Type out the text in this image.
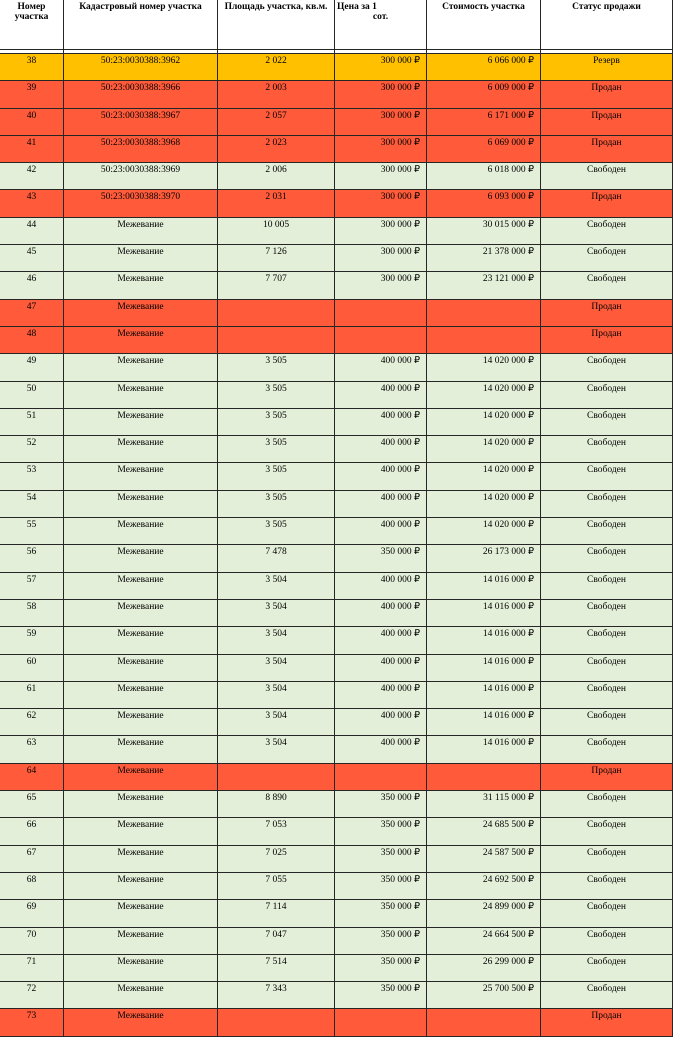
Номер участка	Кадастровый номер участка	Площадь участка, кв.м.	Цена за 1
сот.	Стоимость участка	Статус продажи

38	50:23:0030388:3962	2 022	300 000 ₽	6 066 000 ₽	Резерв
39	50:23:0030388:3966	2 003	300 000 ₽	6 009 000 ₽	Продан
40	50:23:0030388:3967	2 057	300 000 ₽	6 171 000 ₽	Продан
41	50:23:0030388:3968	2 023	300 000 ₽	6 069 000 ₽	Продан
42	50:23:0030388:3969	2 006	300 000 ₽	6 018 000 ₽	Свободен
43	50:23:0030388:3970	2 031	300 000 ₽	6 093 000 ₽	Продан
44	Межевание	10 005	300 000 ₽	30 015 000 ₽	Свободен
45	Межевание	7 126	300 000 ₽	21 378 000 ₽	Свободен
46	Межевание	7 707	300 000 ₽	23 121 000 ₽	Свободен
47	Межевание				Продан
48	Межевание				Продан
49	Межевание	3 505	400 000 ₽	14 020 000 ₽	Свободен
50	Межевание	3 505	400 000 ₽	14 020 000 ₽	Свободен
51	Межевание	3 505	400 000 ₽	14 020 000 ₽	Свободен
52	Межевание	3 505	400 000 ₽	14 020 000 ₽	Свободен
53	Межевание	3 505	400 000 ₽	14 020 000 ₽	Свободен
54	Межевание	3 505	400 000 ₽	14 020 000 ₽	Свободен
55	Межевание	3 505	400 000 ₽	14 020 000 ₽	Свободен
56	Межевание	7 478	350 000 ₽	26 173 000 ₽	Свободен
57	Межевание	3 504	400 000 ₽	14 016 000 ₽	Свободен
58	Межевание	3 504	400 000 ₽	14 016 000 ₽	Свободен
59	Межевание	3 504	400 000 ₽	14 016 000 ₽	Свободен
60	Межевание	3 504	400 000 ₽	14 016 000 ₽	Свободен
61	Межевание	3 504	400 000 ₽	14 016 000 ₽	Свободен
62	Межевание	3 504	400 000 ₽	14 016 000 ₽	Свободен
63	Межевание	3 504	400 000 ₽	14 016 000 ₽	Свободен
64	Межевание				Продан
65	Межевание	8 890	350 000 ₽	31 115 000 ₽	Свободен
66	Межевание	7 053	350 000 ₽	24 685 500 ₽	Свободен
67	Межевание	7 025	350 000 ₽	24 587 500 ₽	Свободен
68	Межевание	7 055	350 000 ₽	24 692 500 ₽	Свободен
69	Межевание	7 114	350 000 ₽	24 899 000 ₽	Свободен
70	Межевание	7 047	350 000 ₽	24 664 500 ₽	Свободен
71	Межевание	7 514	350 000 ₽	26 299 000 ₽	Свободен
72	Межевание	7 343	350 000 ₽	25 700 500 ₽	Свободен
73	Межевание				Продан
